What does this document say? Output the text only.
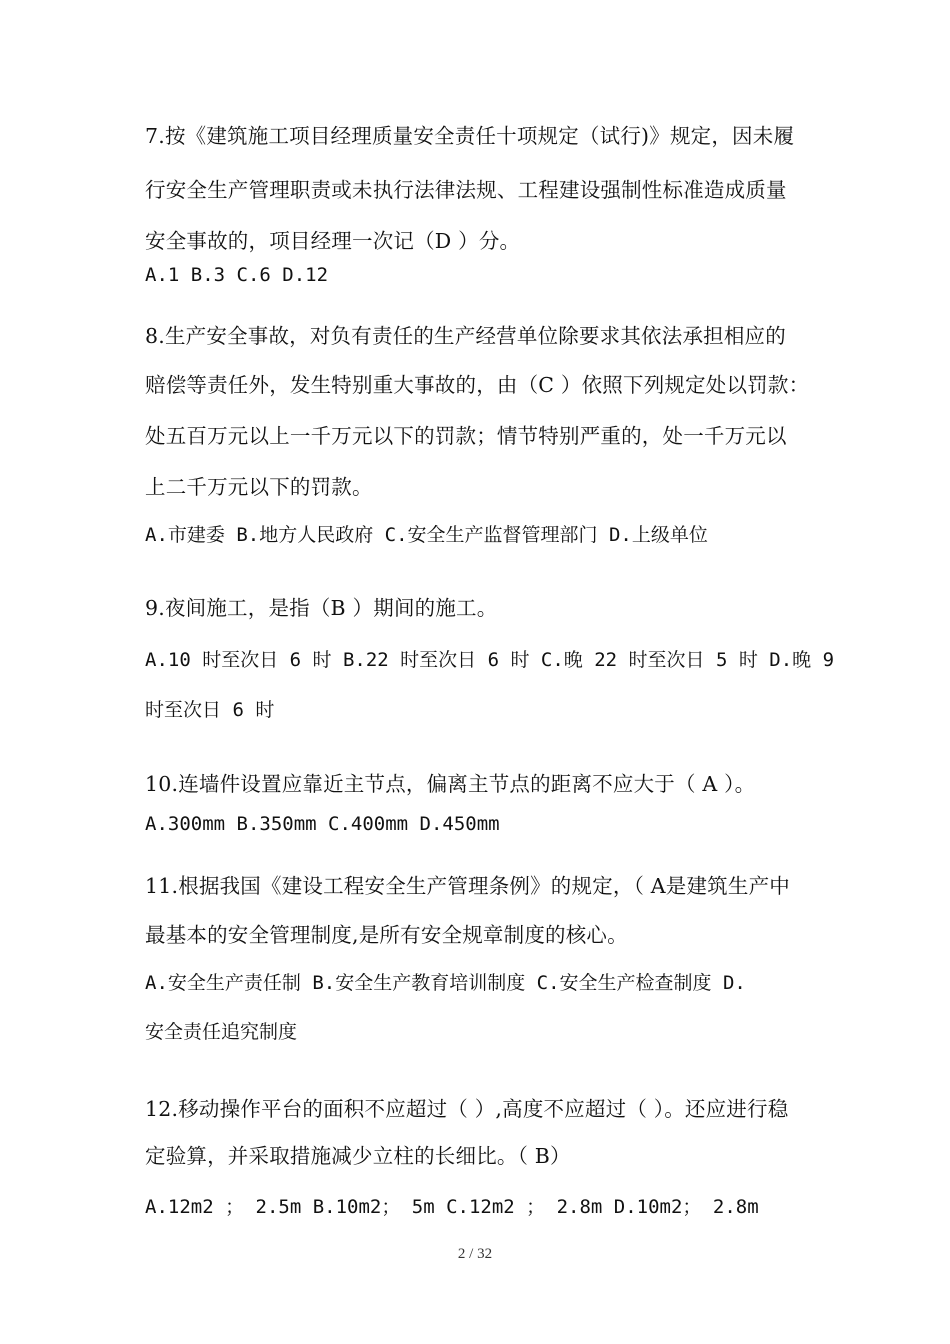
7.按《建筑施工项目经理质量安全责任十项规定（试行)》规定，因未履
行安全生产管理职责或未执行法律法规、工程建设强制性标准造成质量
安全事故的，项目经理一次记（D ）分。
A.1 B.3 C.6 D.12
8.生产安全事故，对负有责任的生产经营单位除要求其依法承担相应的
赔偿等责任外，发生特别重大事故的，由（C ）依照下列规定处以罚款：
处五百万元以上一千万元以下的罚款；情节特别严重的，处一千万元以
上二千万元以下的罚款。
A.市建委 B.地方人民政府 C.安全生产监督管理部门 D.上级单位
9.夜间施工，是指（B ）期间的施工。
A.10 时至次日 6 时 B.22 时至次日 6 时 C.晚 22 时至次日 5 时 D.晚 9
时至次日 6 时
10.连墙件设置应靠近主节点，偏离主节点的距离不应大于（ A ）。
A.300mm B.350mm C.400mm D.450mm
11.根据我国《建设工程安全生产管理条例》的规定，（ A是建筑生产中
最基本的安全管理制度,是所有安全规章制度的核心。
A.安全生产责任制 B.安全生产教育培训制度 C.安全生产检查制度 D.
安全责任追究制度
12.移动操作平台的面积不应超过（ ）,高度不应超过（ ）。还应进行稳
定验算，并采取措施减少立柱的长细比。（ B）
A.12m2 ； 2.5m B.10m2； 5m C.12m2 ； 2.8m D.10m2； 2.8m
2 / 32
